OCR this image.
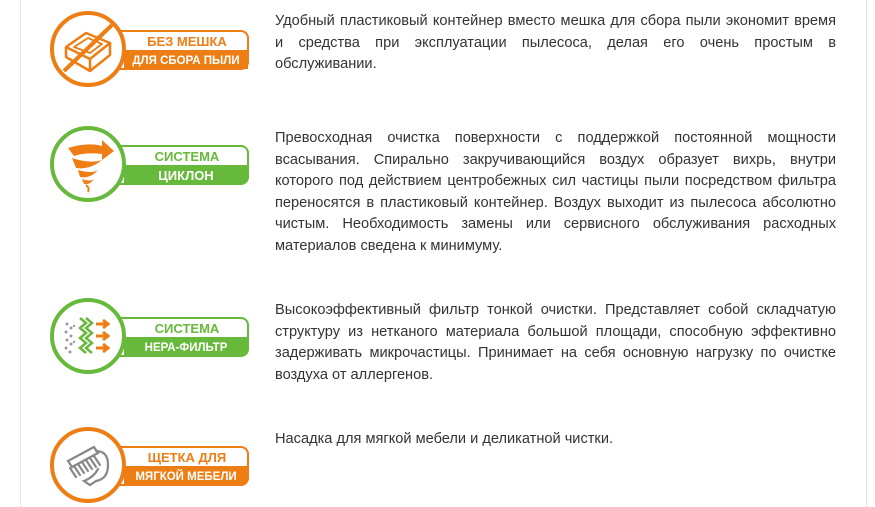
БЕЗ МЕШКА
ДЛЯ СБОРА ПЫЛИ

Удобный пластиковый контейнер вместо мешка для сбора пыли экономит время и средства при эксплуатации пылесоса, делая его очень простым в обслуживании.

СИСТЕМА
ЦИКЛОН

Превосходная очистка поверхности с поддержкой постоянной мощности всасывания. Спирально закручивающийся воздух образует вихрь, внутри которого под действием центробежных сил частицы пыли посредством фильтра переносятся в пластиковый контейнер. Воздух выходит из пылесоса абсолютно чистым. Необходимость замены или сервисного обслуживания расходных материалов сведена к минимуму.

СИСТЕМА
НЕРА-ФИЛЬТР

Высокоэффективный фильтр тонкой очистки. Представляет собой складчатую структуру из нетканого материала большой площади, способную эффективно задерживать микрочастицы. Принимает на себя основную нагрузку по очистке воздуха от аллергенов.

ЩЕТКА ДЛЯ
МЯГКОЙ МЕБЕЛИ

Насадка для мягкой мебели и деликатной чистки.
